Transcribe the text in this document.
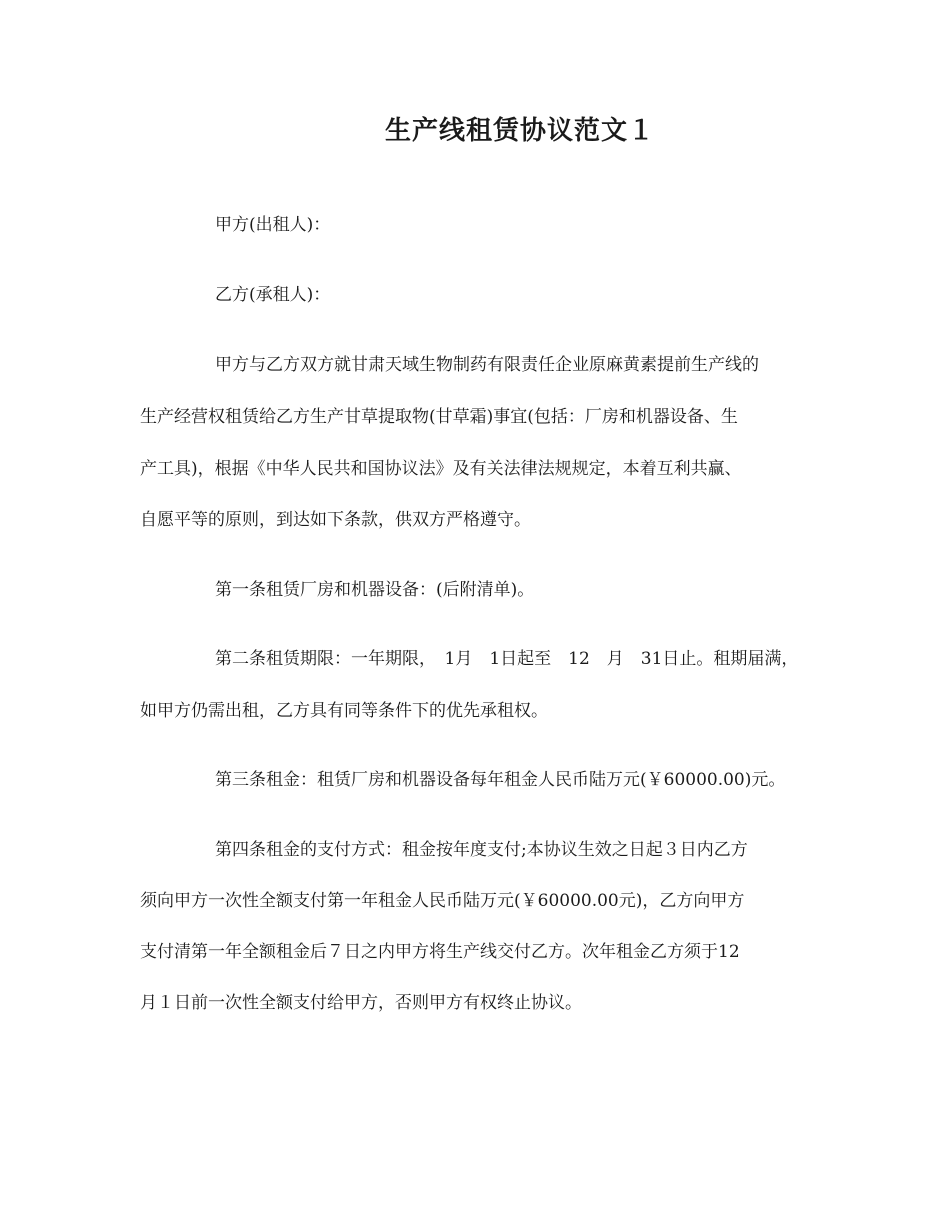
生产线租赁协议范文１
甲方(出租人)：
乙方(承租人)：
甲方与乙方双方就甘肃天域生物制药有限责任企业原麻黄素提前生产线的
生产经营权租赁给乙方生产甘草提取物(甘草霜)事宜(包括：厂房和机器设备、生
产工具)，根据《中华人民共和国协议法》及有关法律法规规定，本着互利共赢、
自愿平等的原则，到达如下条款，供双方严格遵守。
第一条租赁厂房和机器设备：(后附清单)。
第二条租赁期限：一年期限，　1月　1日起至　12　月　31日止。租期届满，
如甲方仍需出租，乙方具有同等条件下的优先承租权。
第三条租金：租赁厂房和机器设备每年租金人民币陆万元(￥60000.00)元。
第四条租金的支付方式：租金按年度支付;本协议生效之日起３日内乙方
须向甲方一次性全额支付第一年租金人民币陆万元(￥60000.00元)，乙方向甲方
支付清第一年全额租金后７日之内甲方将生产线交付乙方。次年租金乙方须于12
月１日前一次性全额支付给甲方，否则甲方有权终止协议。
